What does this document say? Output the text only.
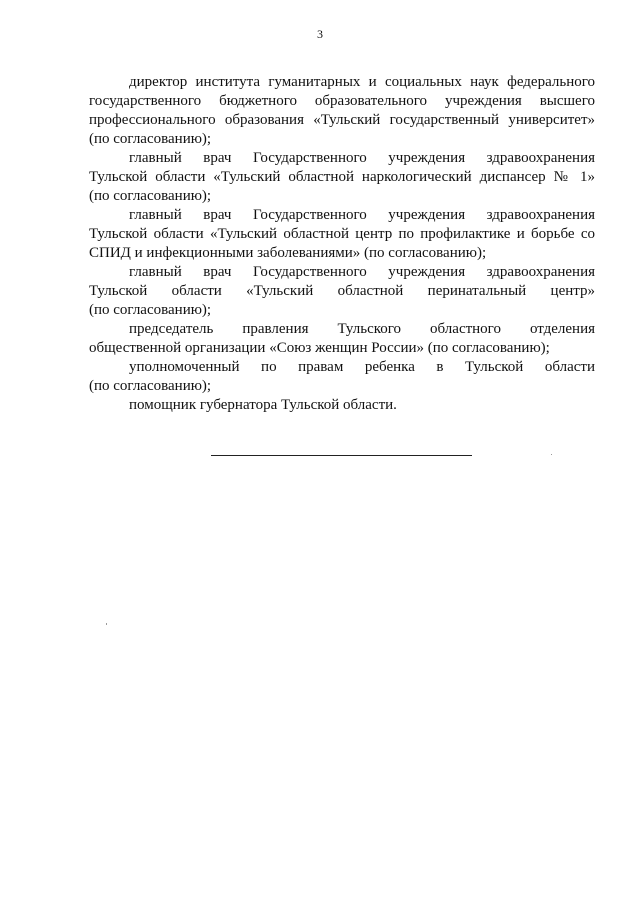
3

директор института гуманитарных и социальных наук федерального
государственного бюджетного образовательного учреждения высшего
профессионального образования «Тульский государственный университет»
(по согласованию);

главный врач Государственного учреждения здравоохранения
Тульской области «Тульский областной наркологический диспансер № 1»
(по согласованию);

главный врач Государственного учреждения здравоохранения
Тульской области «Тульский областной центр по профилактике и борьбе со
СПИД и инфекционными заболеваниями» (по согласованию);

главный врач Государственного учреждения здравоохранения
Тульской области «Тульский областной перинатальный центр»
(по согласованию);

председатель правления Тульского областного отделения
общественной организации «Союз женщин России» (по согласованию);

уполномоченный по правам ребенка в Тульской области
(по согласованию);

помощник губернатора Тульской области.
